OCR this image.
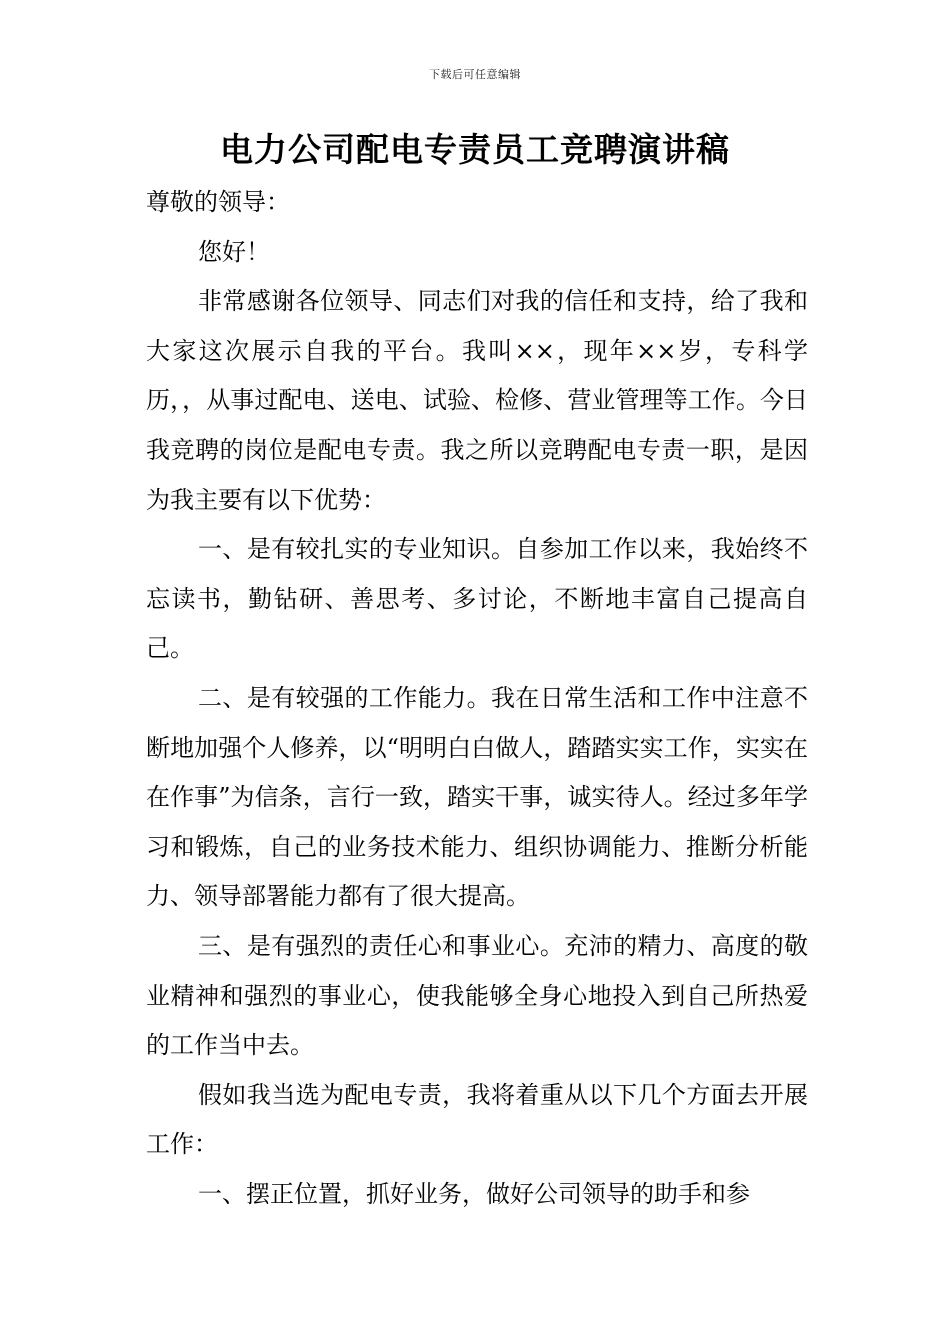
下载后可任意编辑
电力公司配电专责员工竞聘演讲稿

尊敬的领导：

您好！

非常感谢各位领导、同志们对我的信任和支持，给了我和大家这次展示自我的平台。我叫××，现年××岁，专科学历，，从事过配电、送电、试验、检修、营业管理等工作。今日我竞聘的岗位是配电专责。我之所以竞聘配电专责一职，是因为我主要有以下优势：

一、是有较扎实的专业知识。自参加工作以来，我始终不忘读书，勤钻研、善思考、多讨论，不断地丰富自己提高自己。

二、是有较强的工作能力。我在日常生活和工作中注意不断地加强个人修养，以“明明白白做人，踏踏实实工作，实实在在作事”为信条，言行一致，踏实干事，诚实待人。经过多年学习和锻炼，自己的业务技术能力、组织协调能力、推断分析能力、领导部署能力都有了很大提高。

三、是有强烈的责任心和事业心。充沛的精力、高度的敬业精神和强烈的事业心，使我能够全身心地投入到自己所热爱的工作当中去。

假如我当选为配电专责，我将着重从以下几个方面去开展工作：

一、摆正位置，抓好业务，做好公司领导的助手和参
